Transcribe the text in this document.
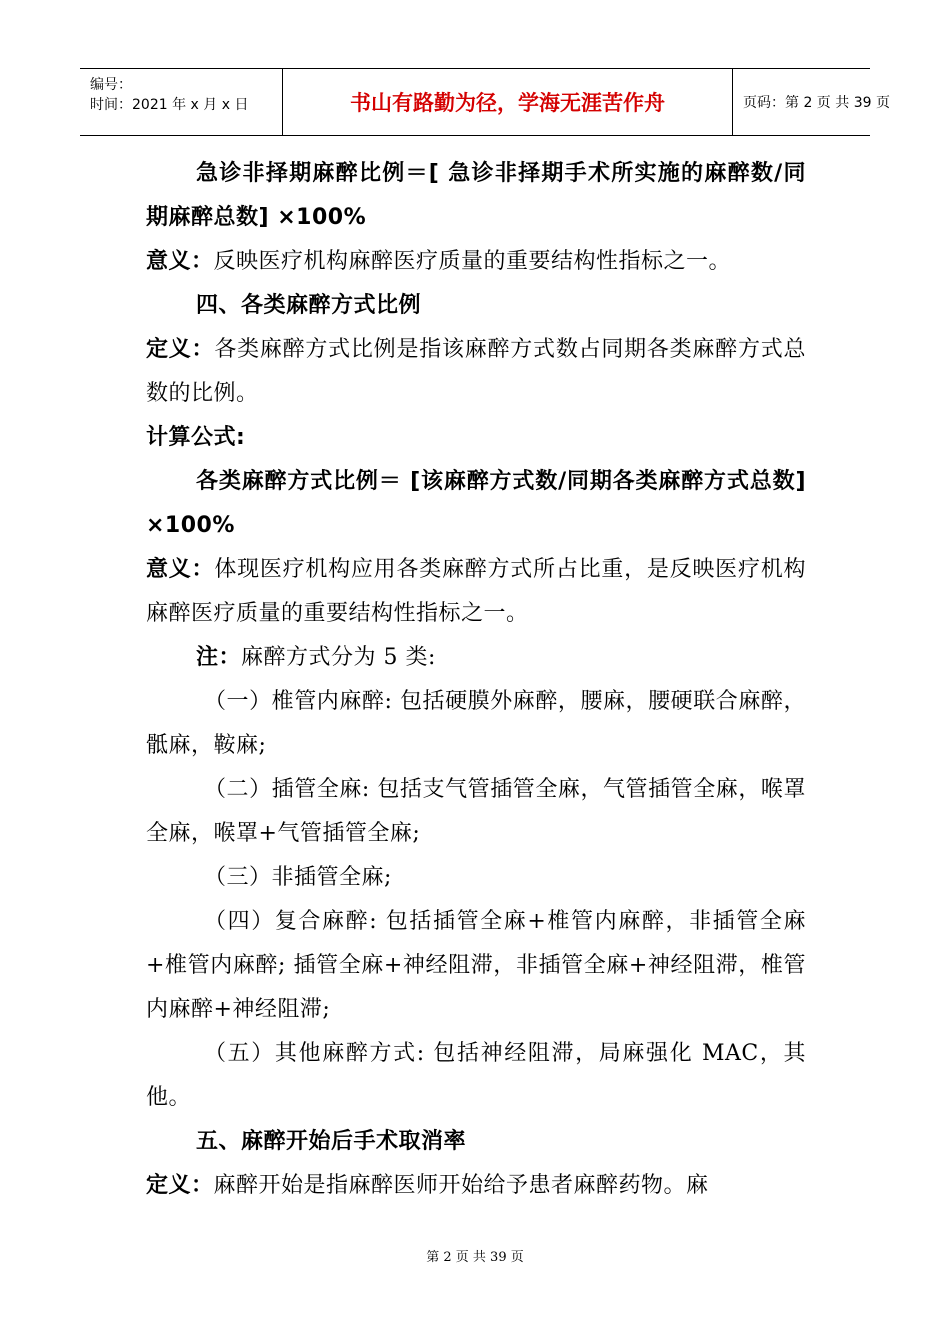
编号：
时间：2021 年 x 月 x 日	书山有路勤为径，学海无涯苦作舟	页码：第 2 页 共 39 页

急诊非择期麻醉比例＝[ 急诊非择期手术所实施的麻醉数/同期麻醉总数] ×100%

意义：反映医疗机构麻醉医疗质量的重要结构性指标之一。

四、各类麻醉方式比例

定义：各类麻醉方式比例是指该麻醉方式数占同期各类麻醉方式总数的比例。

计算公式:

各类麻醉方式比例＝ [该麻醉方式数/同期各类麻醉方式总数] ×100%

意义：体现医疗机构应用各类麻醉方式所占比重，是反映医疗机构麻醉医疗质量的重要结构性指标之一。

注：麻醉方式分为 5 类:

（一）椎管内麻醉: 包括硬膜外麻醉，腰麻，腰硬联合麻醉，骶麻，鞍麻;

（二）插管全麻: 包括支气管插管全麻，气管插管全麻，喉罩全麻，喉罩+气管插管全麻;

（三）非插管全麻;

（四）复合麻醉: 包括插管全麻+椎管内麻醉，非插管全麻+椎管内麻醉; 插管全麻+神经阻滞，非插管全麻+神经阻滞，椎管内麻醉+神经阻滞;

（五）其他麻醉方式: 包括神经阻滞，局麻强化 MAC，其他。

五、麻醉开始后手术取消率

定义：麻醉开始是指麻醉医师开始给予患者麻醉药物。麻

第 2 页 共 39 页
